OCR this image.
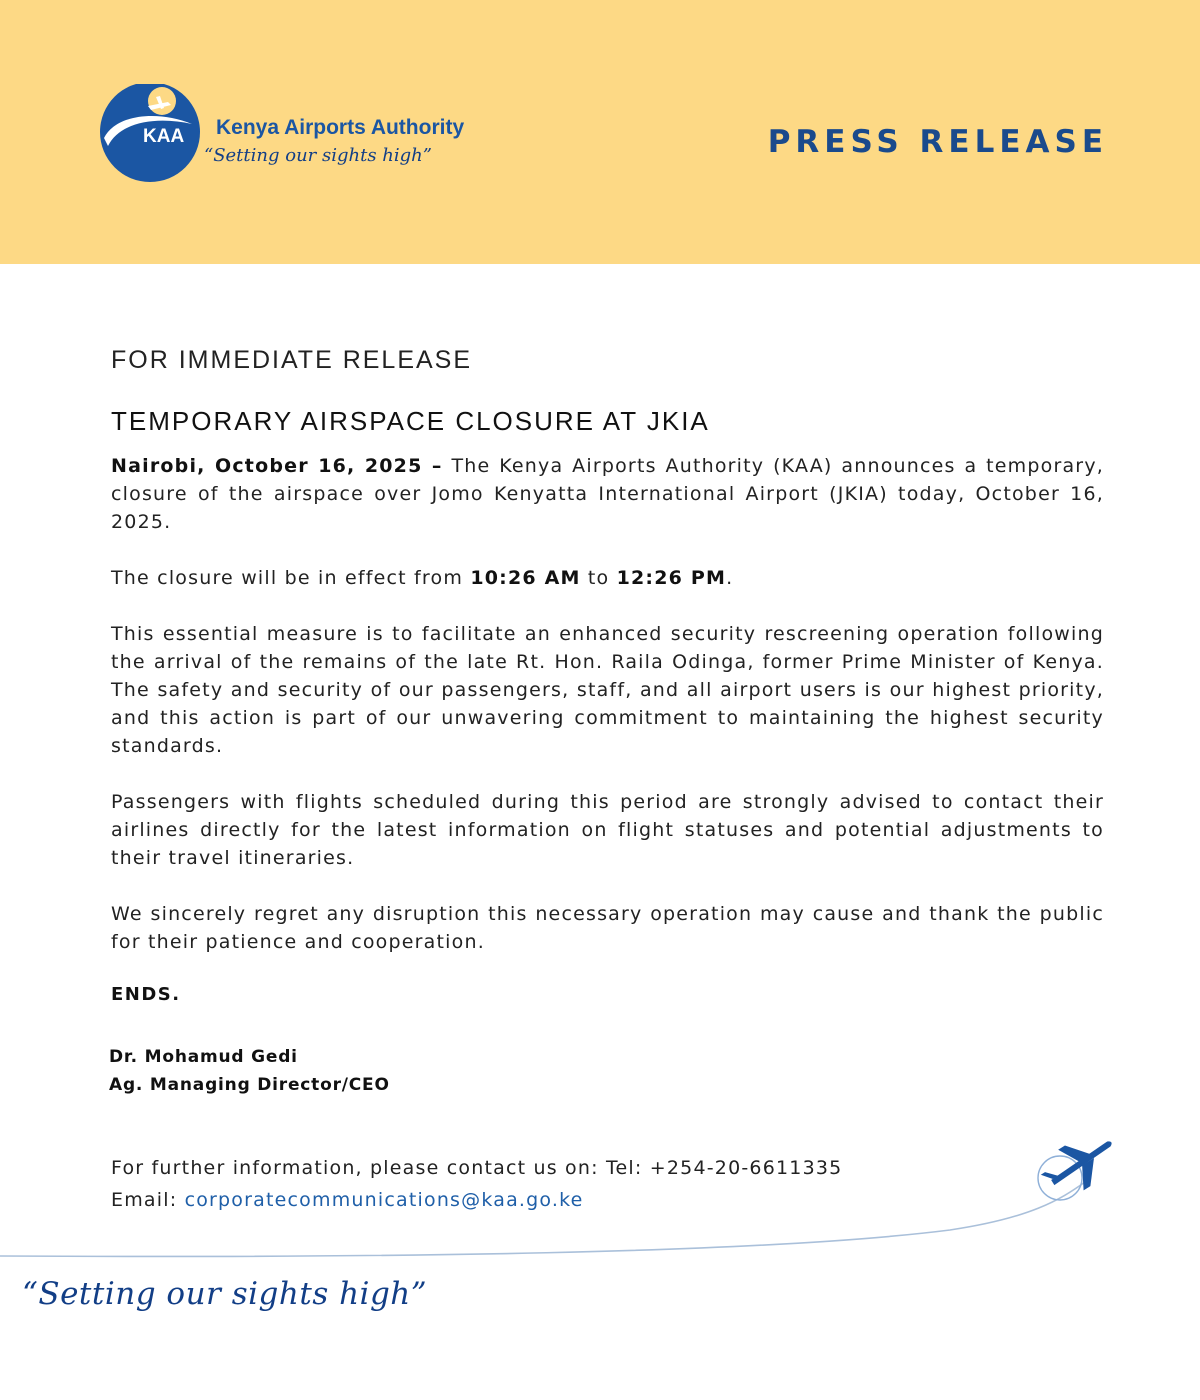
KAA Kenya Airports Authority
“Setting our sights high”	PRESS RELEASE
FOR IMMEDIATE RELEASE
TEMPORARY AIRSPACE CLOSURE AT JKIA

Nairobi, October 16, 2025 – The Kenya Airports Authority (KAA) announces a temporary, closure of the airspace over Jomo Kenyatta International Airport (JKIA) today, October 16, 2025.

The closure will be in effect from 10:26 AM to 12:26 PM.

This essential measure is to facilitate an enhanced security rescreening operation following the arrival of the remains of the late Rt. Hon. Raila Odinga, former Prime Minister of Kenya. The safety and security of our passengers, staff, and all airport users is our highest priority, and this action is part of our unwavering commitment to maintaining the highest security standards.

Passengers with flights scheduled during this period are strongly advised to contact their airlines directly for the latest information on flight statuses and potential adjustments to their travel itineraries.

We sincerely regret any disruption this necessary operation may cause and thank the public for their patience and cooperation.

ENDS.
Dr. Mohamud Gedi
Ag. Managing Director/CEO
For further information, please contact us on: Tel: +254-20-6611335
Email: corporatecommunications@kaa.go.ke
“Setting our sights high”
